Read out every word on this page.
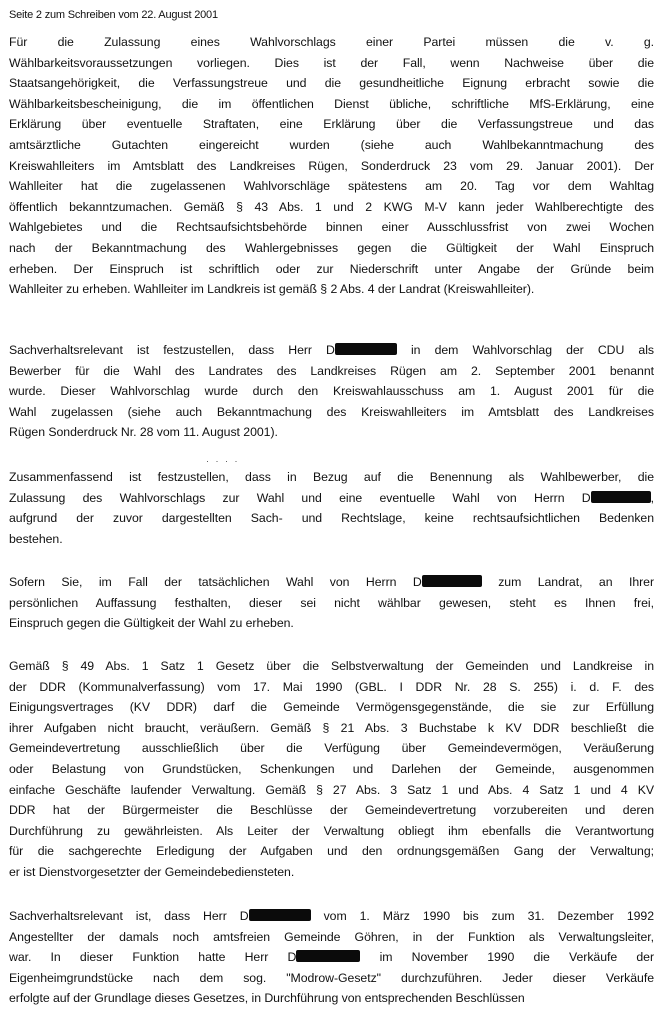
Seite 2 zum Schreiben vom 22. August 2001
Für die Zulassung eines Wahlvorschlags einer Partei müssen die v. g.
Wählbarkeitsvoraussetzungen vorliegen. Dies ist der Fall, wenn Nachweise über die
Staatsangehörigkeit, die Verfassungstreue und die gesundheitliche Eignung erbracht sowie die
Wählbarkeitsbescheinigung, die im öffentlichen Dienst übliche, schriftliche MfS-Erklärung, eine
Erklärung über eventuelle Straftaten, eine Erklärung über die Verfassungstreue und das
amtsärztliche Gutachten eingereicht wurden (siehe auch Wahlbekanntmachung des
Kreiswahlleiters im Amtsblatt des Landkreises Rügen, Sonderdruck 23 vom 29. Januar 2001). Der
Wahlleiter hat die zugelassenen Wahlvorschläge spätestens am 20. Tag vor dem Wahltag
öffentlich bekanntzumachen. Gemäß § 43 Abs. 1 und 2 KWG M-V kann jeder Wahlberechtigte des
Wahlgebietes und die Rechtsaufsichtsbehörde binnen einer Ausschlussfrist von zwei Wochen
nach der Bekanntmachung des Wahlergebnisses gegen die Gültigkeit der Wahl Einspruch
erheben. Der Einspruch ist schriftlich oder zur Niederschrift unter Angabe der Gründe beim
Wahlleiter zu erheben. Wahlleiter im Landkreis ist gemäß § 2 Abs. 4 der Landrat (Kreiswahlleiter).
Sachverhaltsrelevant ist festzustellen, dass Herr D	in dem Wahlvorschlag der CDU als
Bewerber für die Wahl des Landrates des Landkreises Rügen am 2. September 2001 benannt
wurde. Dieser Wahlvorschlag wurde durch den Kreiswahlausschuss am 1. August 2001 für die
Wahl zugelassen (siehe auch Bekanntmachung des Kreiswahlleiters im Amtsblatt des Landkreises
Rügen Sonderdruck Nr. 28 vom 11. August 2001).
· · · ·
Zusammenfassend ist festzustellen, dass in Bezug auf die Benennung als Wahlbewerber, die
Zulassung des Wahlvorschlags zur Wahl und eine eventuelle Wahl von Herrn D	,
aufgrund der zuvor dargestellten Sach- und Rechtslage, keine rechtsaufsichtlichen Bedenken
bestehen.
Sofern Sie, im Fall der tatsächlichen Wahl von Herrn D	zum Landrat, an Ihrer
persönlichen Auffassung festhalten, dieser sei nicht wählbar gewesen, steht es Ihnen frei,
Einspruch gegen die Gültigkeit der Wahl zu erheben.
Gemäß § 49 Abs. 1 Satz 1 Gesetz über die Selbstverwaltung der Gemeinden und Landkreise in
der DDR (Kommunalverfassung) vom 17. Mai 1990 (GBL. I DDR Nr. 28 S. 255) i. d. F. des
Einigungsvertrages (KV DDR) darf die Gemeinde Vermögensgegenstände, die sie zur Erfüllung
ihrer Aufgaben nicht braucht, veräußern. Gemäß § 21 Abs. 3 Buchstabe k KV DDR beschließt die
Gemeindevertretung ausschließlich über die Verfügung über Gemeindevermögen, Veräußerung
oder Belastung von Grundstücken, Schenkungen und Darlehen der Gemeinde, ausgenommen
einfache Geschäfte laufender Verwaltung. Gemäß § 27 Abs. 3 Satz 1 und Abs. 4 Satz 1 und 4 KV
DDR hat der Bürgermeister die Beschlüsse der Gemeindevertretung vorzubereiten und deren
Durchführung zu gewährleisten. Als Leiter der Verwaltung obliegt ihm ebenfalls die Verantwortung
für die sachgerechte Erledigung der Aufgaben und den ordnungsgemäßen Gang der Verwaltung;
er ist Dienstvorgesetzter der Gemeindebediensteten.
Sachverhaltsrelevant ist, dass Herr D	vom 1. März 1990 bis zum 31. Dezember 1992
Angestellter der damals noch amtsfreien Gemeinde Göhren, in der Funktion als Verwaltungsleiter,
war. In dieser Funktion hatte Herr D	im November 1990 die Verkäufe der
Eigenheimgrundstücke nach dem sog. "Modrow-Gesetz" durchzuführen. Jeder dieser Verkäufe
erfolgte auf der Grundlage dieses Gesetzes, in Durchführung von entsprechenden Beschlüssen
